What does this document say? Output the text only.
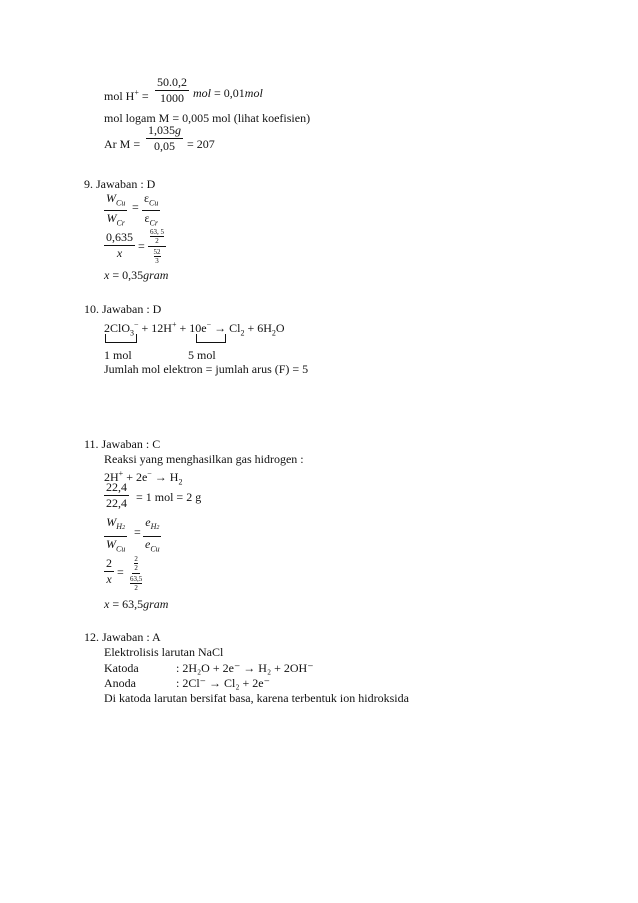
mol $H^+ = \frac{50.0,2}{1000}$ mol = 0,01mol
mol logam M = 0,005 mol (lihat koefisien)
Ar $M = \frac{1,035g}{0,05} = 207$
9. Jawaban : D
$W_{Cu}$
$W_{Cr}$
=
$\varepsilon_{Cu}$
$\varepsilon_{Cr}$
$\frac{0,635}{x} = 63$, 5
2
52
3
x = 0,35gram
10. Jawaban : D
$2ClO_3^- + 12H^+ + 10e^- \to Cl_2 + 6H_2O$
1 mol	5 mol
Jumlah mol elektron = jumlah arus (F) = 5
11. Jawaban : C
Reaksi yang menghasilkan gas hidrogen :
$2H^+ + 2e^- \to H_2$
$\frac{22,4}{22,4} = 1$ mol = 2 g
$W_{H2}$
$W_{Cu}$
=
$e_{H2}$
$e_{Cu}$
$\frac{2}{x} = 2$
2
63,5
2
x = 63,5gram
12. Jawaban : A
Elektrolisis larutan NaCl
Katoda	: 2H₂O + 2e⁻ → H₂ + 2OH⁻
Anoda	: 2Cl⁻ → Cl₂ + 2e⁻
Di katoda larutan bersifat basa, karena terbentuk ion hidroksida
